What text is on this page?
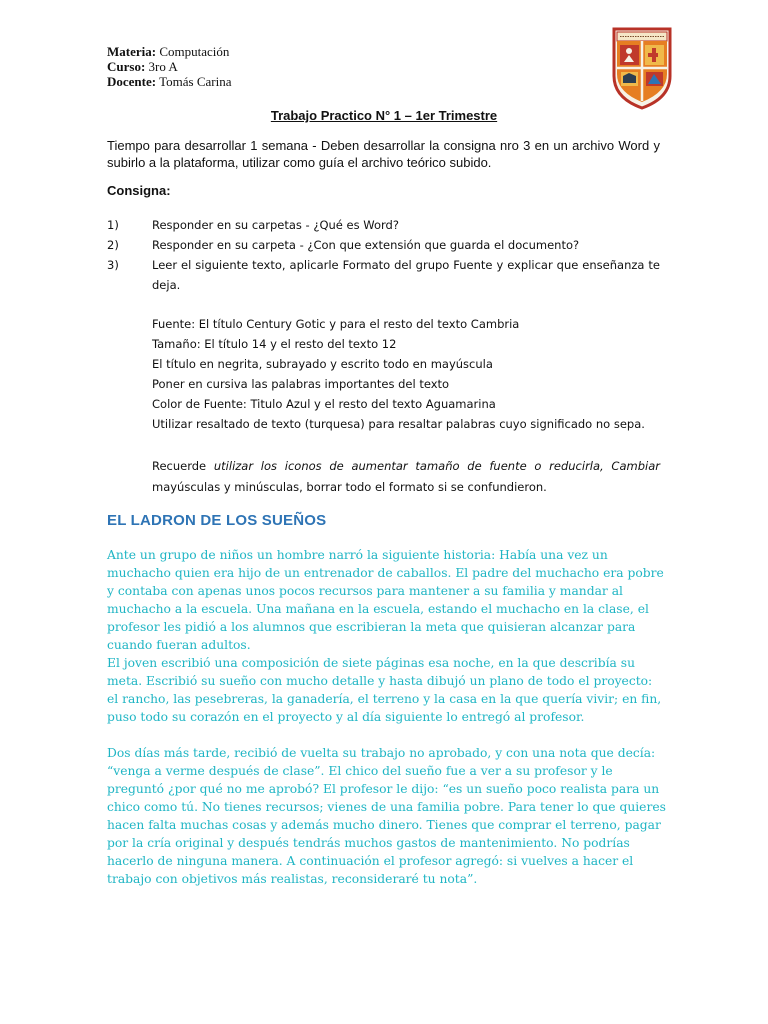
Materia: Computación
Curso: 3ro A
Docente: Tomás Carina
Trabajo Practico N° 1 – 1er Trimestre
Tiempo para desarrollar 1 semana - Deben desarrollar la consigna nro 3 en un archivo Word y subirlo a la plataforma, utilizar como guía el archivo teórico subido.
Consigna:
1)	Responder en su carpetas - ¿Qué es Word?
2)	Responder en su carpeta - ¿Con que extensión que guarda el documento?
3)	Leer el siguiente texto, aplicarle Formato del grupo Fuente y explicar que enseñanza te deja.
Fuente: El título Century Gotic y para el resto del texto Cambria
Tamaño: El título 14 y el resto del texto 12
El título en negrita, subrayado y escrito todo en mayúscula
Poner en cursiva las palabras importantes del texto
Color de Fuente: Titulo Azul y el resto del texto Aguamarina
Utilizar resaltado de texto (turquesa) para resaltar palabras cuyo significado no sepa.
Recuerde utilizar los iconos de aumentar tamaño de fuente o reducirla, Cambiar mayúsculas y minúsculas, borrar todo el formato si se confundieron.
EL LADRON DE LOS SUEÑOS

Ante un grupo de niños un hombre narró la siguiente historia: Había una vez un muchacho quien era hijo de un entrenador de caballos. El padre del muchacho era pobre y contaba con apenas unos pocos recursos para mantener a su familia y mandar al muchacho a la escuela. Una mañana en la escuela, estando el muchacho en la clase, el profesor les pidió a los alumnos que escribieran la meta que quisieran alcanzar para cuando fueran adultos.

El joven escribió una composición de siete páginas esa noche, en la que describía su meta. Escribió su sueño con mucho detalle y hasta dibujó un plano de todo el proyecto: el rancho, las pesebreras, la ganadería, el terreno y la casa en la que quería vivir; en fin, puso todo su corazón en el proyecto y al día siguiente lo entregó al profesor.

Dos días más tarde, recibió de vuelta su trabajo no aprobado, y con una nota que decía: “venga a verme después de clase”. El chico del sueño fue a ver a su profesor y le preguntó ¿por qué no me aprobó? El profesor le dijo: “es un sueño poco realista para un chico como tú. No tienes recursos; vienes de una familia pobre. Para tener lo que quieres hacen falta muchas cosas y además mucho dinero. Tienes que comprar el terreno, pagar por la cría original y después tendrás muchos gastos de mantenimiento. No podrías hacerlo de ninguna manera. A continuación el profesor agregó: si vuelves a hacer el trabajo con objetivos más realistas, reconsideraré tu nota”.
